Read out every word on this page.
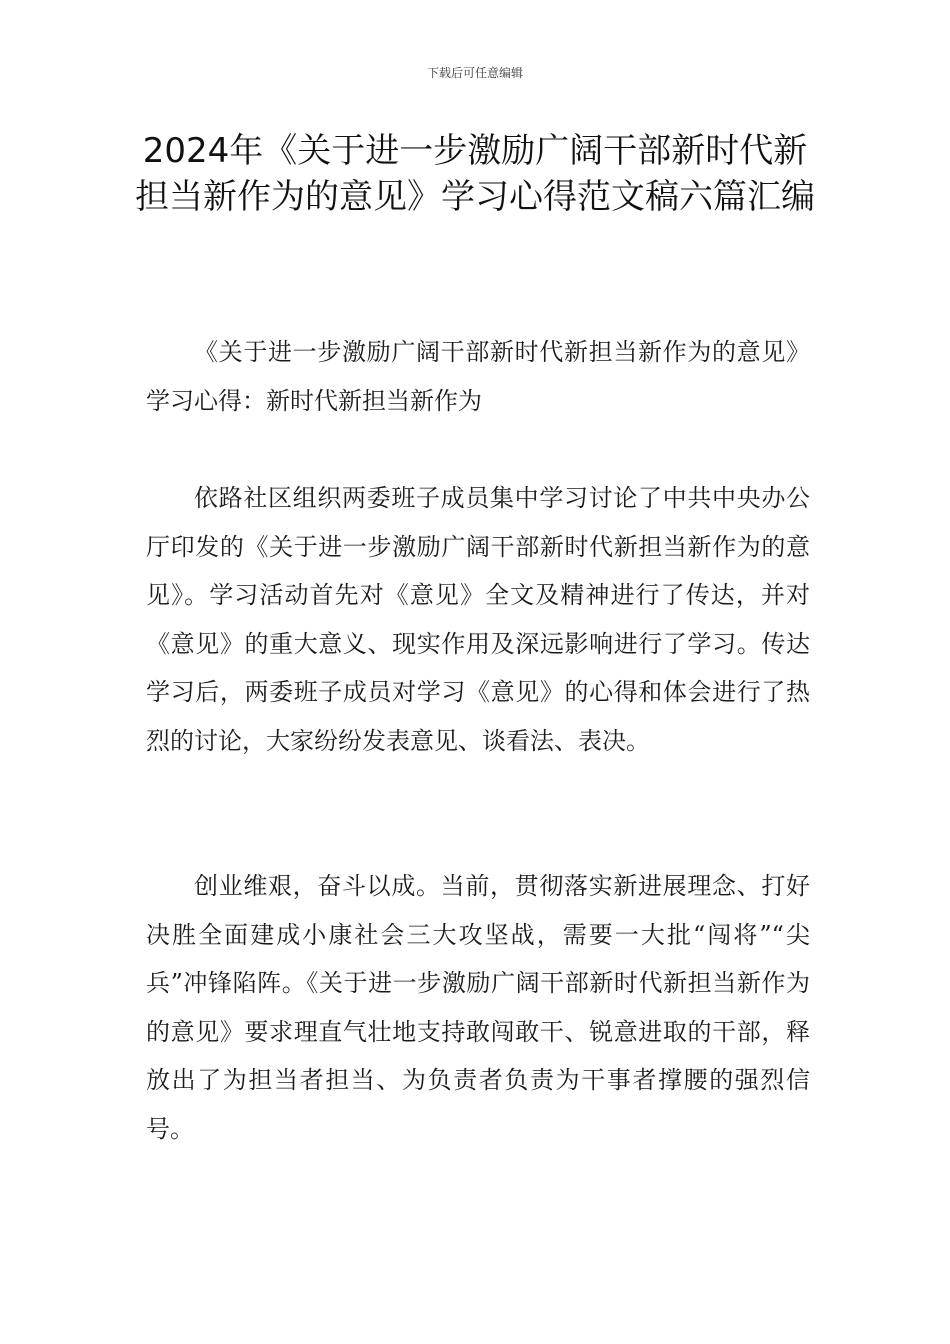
下载后可任意编辑
2024年《关于进一步激励广阔干部新时代新担当新作为的意见》学习心得范文稿六篇汇编

《关于进一步激励广阔干部新时代新担当新作为的意见》学习心得：新时代新担当新作为

依路社区组织两委班子成员集中学习讨论了中共中央办公厅印发的《关于进一步激励广阔干部新时代新担当新作为的意见》。学习活动首先对《意见》全文及精神进行了传达，并对《意见》的重大意义、现实作用及深远影响进行了学习。传达学习后，两委班子成员对学习《意见》的心得和体会进行了热烈的讨论，大家纷纷发表意见、谈看法、表决。

创业维艰，奋斗以成。当前，贯彻落实新进展理念、打好决胜全面建成小康社会三大攻坚战，需要一大批“闯将”“尖兵”冲锋陷阵。《关于进一步激励广阔干部新时代新担当新作为的意见》要求理直气壮地支持敢闯敢干、锐意进取的干部，释放出了为担当者担当、为负责者负责为干事者撑腰的强烈信号。
